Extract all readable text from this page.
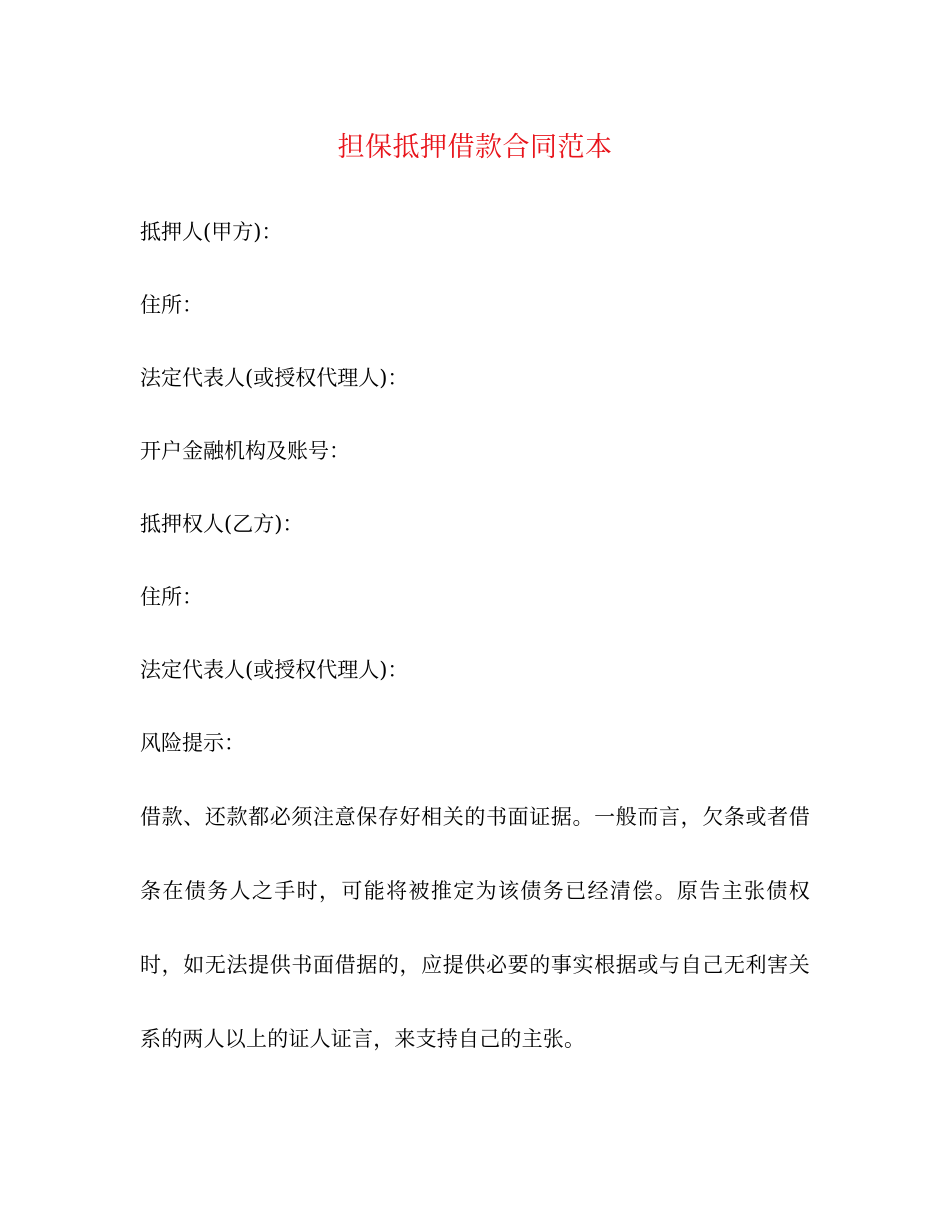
担保抵押借款合同范本

抵押人(甲方)：

住所：

法定代表人(或授权代理人)：

开户金融机构及账号：

抵押权人(乙方)：

住所：

法定代表人(或授权代理人)：

风险提示：

借款、还款都必须注意保存好相关的书面证据。一般而言，欠条或者借条在债务人之手时，可能将被推定为该债务已经清偿。原告主张债权时，如无法提供书面借据的，应提供必要的事实根据或与自己无利害关系的两人以上的证人证言，来支持自己的主张。
